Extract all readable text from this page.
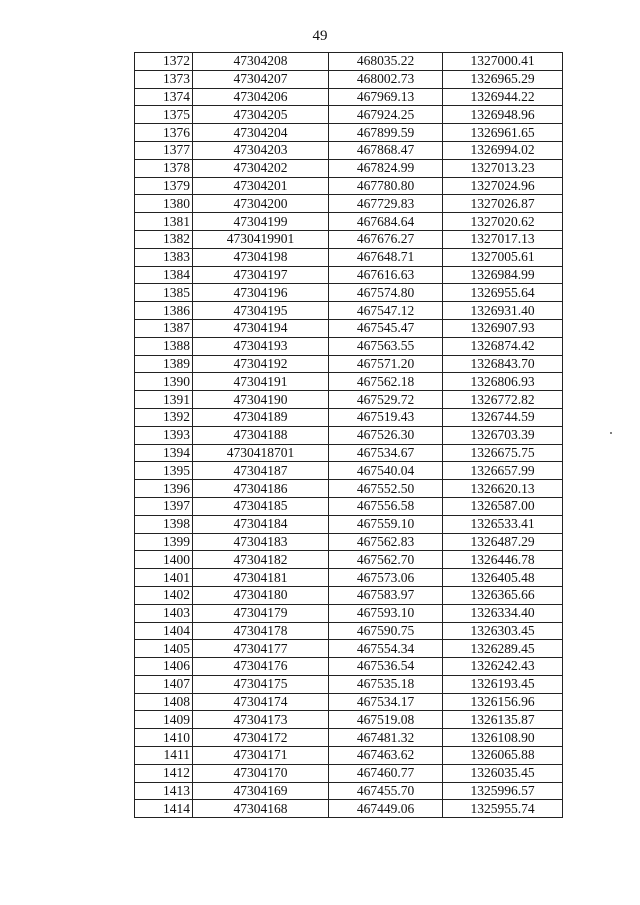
49
1372	47304208	468035.22	1327000.41
1373	47304207	468002.73	1326965.29
1374	47304206	467969.13	1326944.22
1375	47304205	467924.25	1326948.96
1376	47304204	467899.59	1326961.65
1377	47304203	467868.47	1326994.02
1378	47304202	467824.99	1327013.23
1379	47304201	467780.80	1327024.96
1380	47304200	467729.83	1327026.87
1381	47304199	467684.64	1327020.62
1382	4730419901	467676.27	1327017.13
1383	47304198	467648.71	1327005.61
1384	47304197	467616.63	1326984.99
1385	47304196	467574.80	1326955.64
1386	47304195	467547.12	1326931.40
1387	47304194	467545.47	1326907.93
1388	47304193	467563.55	1326874.42
1389	47304192	467571.20	1326843.70
1390	47304191	467562.18	1326806.93
1391	47304190	467529.72	1326772.82
1392	47304189	467519.43	1326744.59
1393	47304188	467526.30	1326703.39
1394	4730418701	467534.67	1326675.75
1395	47304187	467540.04	1326657.99
1396	47304186	467552.50	1326620.13
1397	47304185	467556.58	1326587.00
1398	47304184	467559.10	1326533.41
1399	47304183	467562.83	1326487.29
1400	47304182	467562.70	1326446.78
1401	47304181	467573.06	1326405.48
1402	47304180	467583.97	1326365.66
1403	47304179	467593.10	1326334.40
1404	47304178	467590.75	1326303.45
1405	47304177	467554.34	1326289.45
1406	47304176	467536.54	1326242.43
1407	47304175	467535.18	1326193.45
1408	47304174	467534.17	1326156.96
1409	47304173	467519.08	1326135.87
1410	47304172	467481.32	1326108.90
1411	47304171	467463.62	1326065.88
1412	47304170	467460.77	1326035.45
1413	47304169	467455.70	1325996.57
1414	47304168	467449.06	1325955.74
